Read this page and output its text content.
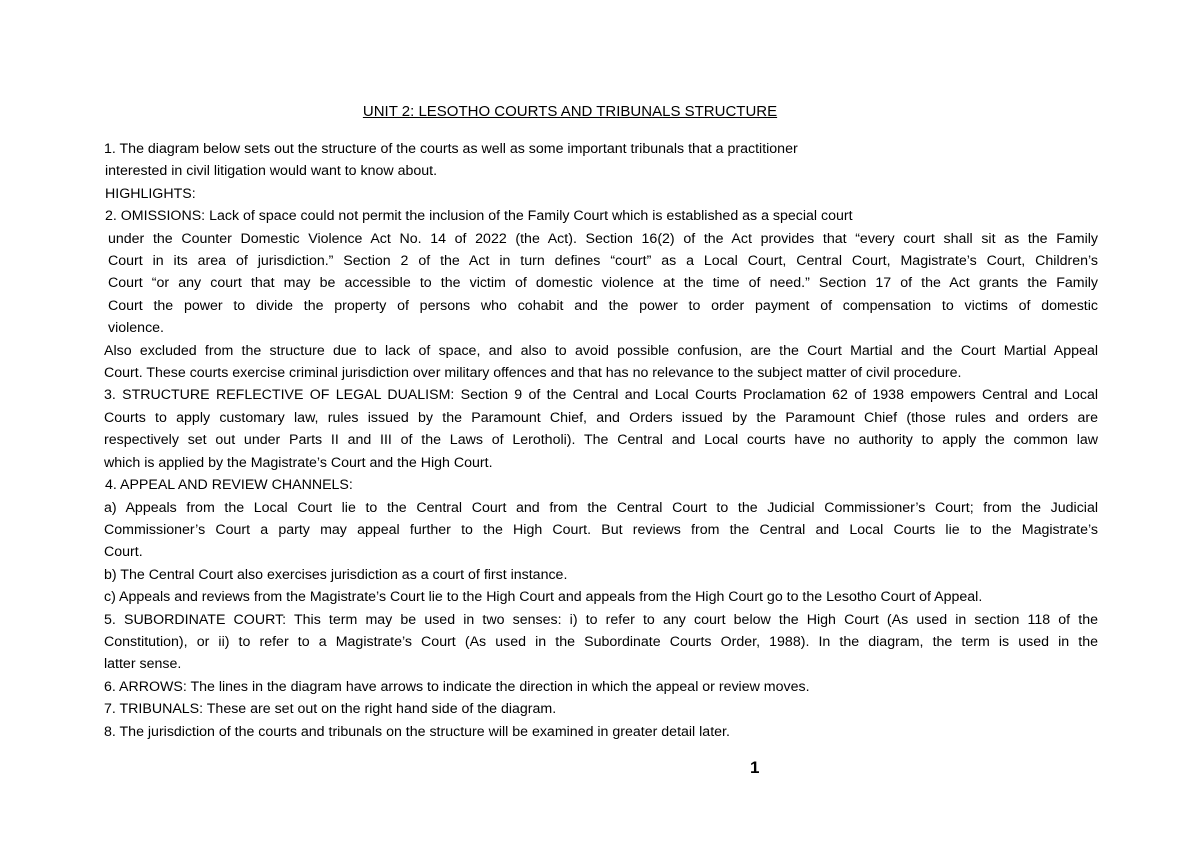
UNIT 2: LESOTHO COURTS AND TRIBUNALS STRUCTURE

1. The diagram below sets out the structure of the courts as well as some important tribunals that a practitioner

interested in civil litigation would want to know about.

HIGHLIGHTS:

2. OMISSIONS: Lack of space could not permit the inclusion of the Family Court which is established as a special court

under the Counter Domestic Violence Act No. 14 of 2022 (the Act). Section 16(2) of the Act provides that “every court shall sit as the Family

Court in its area of jurisdiction.” Section 2 of the Act in turn defines “court” as a Local Court, Central Court, Magistrate’s Court, Children’s

Court “or any court that may be accessible to the victim of domestic violence at the time of need.” Section 17 of the Act grants the Family

Court the power to divide the property of persons who cohabit and the power to order payment of compensation to victims of domestic

violence.

Also excluded from the structure due to lack of space, and also to avoid possible confusion, are the Court Martial and the Court Martial Appeal

Court. These courts exercise criminal jurisdiction over military offences and that has no relevance to the subject matter of civil procedure.

3. STRUCTURE REFLECTIVE OF LEGAL DUALISM: Section 9 of the Central and Local Courts Proclamation 62 of 1938 empowers Central and Local

Courts to apply customary law, rules issued by the Paramount Chief, and Orders issued by the Paramount Chief (those rules and orders are

respectively set out under Parts II and III of the Laws of Lerotholi). The Central and Local courts have no authority to apply the common law

which is applied by the Magistrate’s Court and the High Court.

4. APPEAL AND REVIEW CHANNELS:

a) Appeals from the Local Court lie to the Central Court and from the Central Court to the Judicial Commissioner’s Court; from the Judicial

Commissioner’s Court a party may appeal further to the High Court. But reviews from the Central and Local Courts lie to the Magistrate’s

Court.

b) The Central Court also exercises jurisdiction as a court of first instance.

c) Appeals and reviews from the Magistrate’s Court lie to the High Court and appeals from the High Court go to the Lesotho Court of Appeal.

5. SUBORDINATE COURT: This term may be used in two senses: i) to refer to any court below the High Court (As used in section 118 of the

Constitution), or ii) to refer to a Magistrate’s Court (As used in the Subordinate Courts Order, 1988). In the diagram, the term is used in the

latter sense.

6. ARROWS: The lines in the diagram have arrows to indicate the direction in which the appeal or review moves.

7. TRIBUNALS: These are set out on the right hand side of the diagram.

8. The jurisdiction of the courts and tribunals on the structure will be examined in greater detail later.

1
